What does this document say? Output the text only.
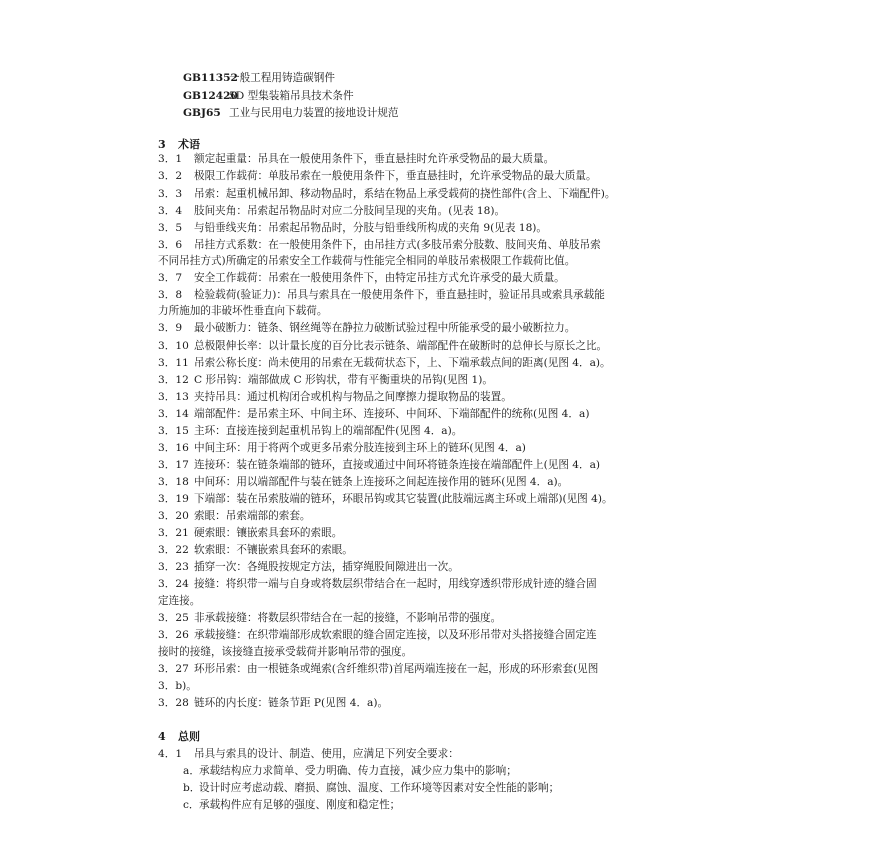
GB11352一般工程用铸造碳钢件
GB124205D 型集装箱吊具技术条件
GBJ65 工业与民用电力装置的接地设计规范
3 术语
3．1 额定起重量：吊具在一般使用条件下，垂直悬挂时允许承受物品的最大质量。
3．2 极限工作载荷：单肢吊索在一般使用条件下，垂直悬挂时，允许承受物品的最大质量。
3．3 吊索：起重机械吊卸、移动物品时，系结在物品上承受载荷的挠性部件(含上、下端配件)。
3．4 肢间夹角：吊索起吊物品时对应二分肢间呈现的夹角。(见表 18)。
3．5 与铅垂线夹角：吊索起吊物品时，分肢与铅垂线所构成的夹角 9(见表 18)。
3．6 吊挂方式系数：在一般使用条件下，由吊挂方式(多肢吊索分肢数、肢间夹角、单肢吊索
不同吊挂方式)所确定的吊索安全工作载荷与性能完全相同的单肢吊索极限工作载荷比值。
3．7 安全工作载荷：吊索在一般使用条件下，由特定吊挂方式允许承受的最大质量。
3．8 检验载荷(验证力)：吊具与索具在一般使用条件下，垂直悬挂时，验证吊具或索具承载能
力所施加的非破坏性垂直向下载荷。
3．9 最小破断力：链条、钢丝绳等在静拉力破断试验过程中所能承受的最小破断拉力。
3．10 总极限伸长率：以计量长度的百分比表示链条、端部配件在破断时的总伸长与原长之比。
3．11 吊索公称长度：尚未使用的吊索在无载荷状态下，上、下端承载点间的距离(见图 4．a)。
3．12 C 形吊钩：端部做成 C 形钩状，带有平衡重块的吊钩(见图 1)。
3．13 夹持吊具：通过机构闭合或机构与物品之间摩擦力提取物品的装置。
3．14 端部配件：是吊索主环、中间主环、连接环、中间环、下端部配件的统称(见图 4．a)
3．15 主环：直接连接到起重机吊钩上的端部配件(见图 4．a)。
3．16 中间主环：用于将两个或更多吊索分肢连接到主环上的链环(见图 4．a)
3．17 连接环：装在链条端部的链环，直接或通过中间环将链条连接在端部配件上(见图 4．a)
3．18 中间环：用以端部配件与装在链条上连接环之间起连接作用的链环(见图 4．a)。
3．19 下端部：装在吊索肢端的链环，环眼吊钩或其它装置(此肢端远离主环或上端部)(见图 4)。
3．20 索眼：吊索端部的索套。
3．21 硬索眼：镶嵌索具套环的索眼。
3．22 软索眼：不镶嵌索具套环的索眼。
3．23 插穿一次：各绳股按规定方法，插穿绳股间隙进出一次。
3．24 接缝：将织带一端与自身或将数层织带结合在一起时，用线穿透织带形成针迹的缝合固
定连接。
3．25 非承载接缝：将数层织带结合在一起的接缝，不影响吊带的强度。
3．26 承载接缝：在织带端部形成软索眼的缝合固定连接，以及环形吊带对头搭接缝合固定连
接时的接缝，该接缝直接承受载荷并影响吊带的强度。
3．27 环形吊索：由一根链条或绳索(含纤维织带)首尾两端连接在一起，形成的环形索套(见图
3．b)。
3．28 链环的内长度：链条节距 P(见图 4．a)。
4 总则
4．1 吊具与索具的设计、制造、使用，应满足下列安全要求：
a．承载结构应力求简单、受力明确、传力直接，减少应力集中的影响；
b．设计时应考虑动载、磨损、腐蚀、温度、工作环境等因素对安全性能的影响；
c．承载构件应有足够的强度、刚度和稳定性；
